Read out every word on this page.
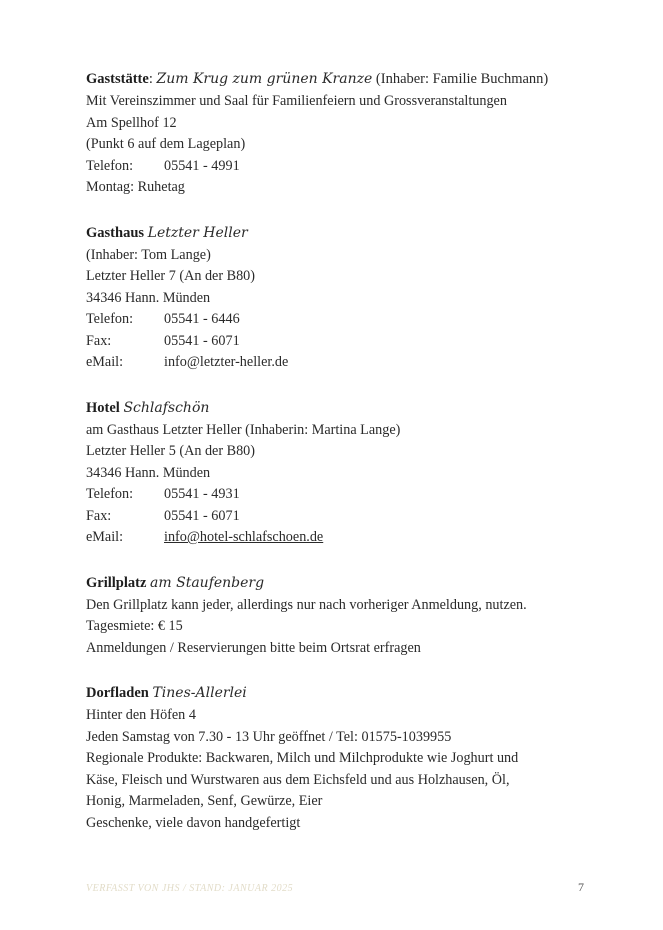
Gaststätte: Zum Krug zum grünen Kranze (Inhaber: Familie Buchmann)
Mit Vereinszimmer und Saal für Familienfeiern und Grossveranstaltungen
Am Spellhof 12
(Punkt 6 auf dem Lageplan)
Telefon:	05541 - 4991
Montag: Ruhetag
Gasthaus Letzter Heller
(Inhaber: Tom Lange)
Letzter Heller 7 (An der B80)
34346 Hann. Münden
Telefon:	05541 - 6446
Fax:	05541 - 6071
eMail:	info@letzter-heller.de
Hotel Schlafschön
am Gasthaus Letzter Heller (Inhaberin: Martina Lange)
Letzter Heller 5 (An der B80)
34346 Hann. Münden
Telefon:	05541 - 4931
Fax:	05541 - 6071
eMail:	info@hotel-schlafschoen.de
Grillplatz am Staufenberg
Den Grillplatz kann jeder, allerdings nur nach vorheriger Anmeldung, nutzen.
Tagesmiete: € 15
Anmeldungen / Reservierungen bitte beim Ortsrat erfragen
Dorfladen Tines-Allerlei
Hinter den Höfen 4
Jeden Samstag von 7.30 - 13 Uhr geöffnet / Tel: 01575-1039955
Regionale Produkte: Backwaren, Milch und Milchprodukte wie Joghurt und
Käse, Fleisch und Wurstwaren aus dem Eichsfeld und aus Holzhausen, Öl,
Honig, Marmeladen, Senf, Gewürze, Eier
Geschenke, viele davon handgefertigt
VERFASST VON JHS / STAND: JANUAR 2025	7
